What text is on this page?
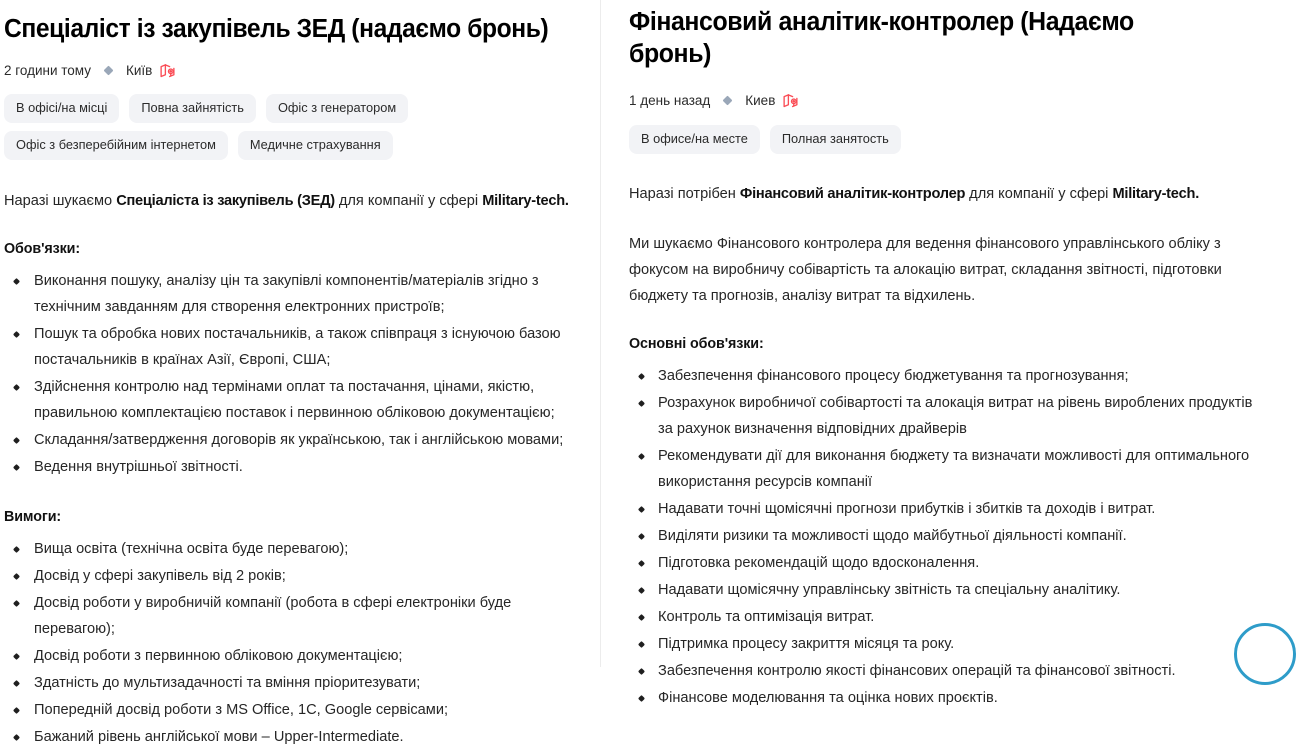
Спеціаліст із закупівель ЗЕД (надаємо бронь)
2 години тому	Київ
В офісі/на місці	Повна зайнятість	Офіс з генератором
Офіс з безперебійним інтернетом	Медичне страхування

Наразі шукаємо Спеціаліста із закупівель (ЗЕД) для компанії у сфері Military-tech.

Обов'язки:
Виконання пошуку, аналізу цін та закупівлі компонентів/матеріалів згідно з технічним завданням для створення електронних пристроїв;
Пошук та обробка нових постачальників, а також співпраця з існуючою базою постачальників в країнах Азії, Європі, США;
Здійснення контролю над термінами оплат та постачання, цінами, якістю, правильною комплектацією поставок і первинною обліковою документацією;
Складання/затвердження договорів як українською, так і англійською мовами;
Ведення внутрішньої звітності.
Вимоги:
Вища освіта (технічна освіта буде перевагою);
Досвід у сфері закупівель від 2 років;
Досвід роботи у виробничій компанії (робота в сфері електроніки буде перевагою);
Досвід роботи з первинною обліковою документацією;
Здатність до мультизадачності та вміння пріоритезувати;
Попередній досвід роботи з MS Office, 1C, Google сервісами;
Бажаний рівень англійської мови – Upper-Intermediate.
Фінансовий аналітик-контролер (Надаємо бронь)
1 день назад	Киев
В офисе/на месте	Полная занятость

Наразі потрібен Фінансовий аналітик-контролер для компанії у сфері Military-tech.

Ми шукаємо Фінансового контролера для ведення фінансового управлінського обліку з фокусом на виробничу собівартість та алокацію витрат, складання звітності, підготовки бюджету та прогнозів, аналізу витрат та відхилень.

Основні обов'язки:
Забезпечення фінансового процесу бюджетування та прогнозування;
Розрахунок виробничої собівартості та алокація витрат на рівень вироблених продуктів за рахунок визначення відповідних драйверів
Рекомендувати дії для виконання бюджету та визначати можливості для оптимального використання ресурсів компанії
Надавати точні щомісячні прогнози прибутків і збитків та доходів і витрат.
Виділяти ризики та можливості щодо майбутньої діяльності компанії.
Підготовка рекомендацій щодо вдосконалення.
Надавати щомісячну управлінську звітність та спеціальну аналітику.
Контроль та оптимізація витрат.
Підтримка процесу закриття місяця та року.
Забезпечення контролю якості фінансових операцій та фінансової звітності.
Фінансове моделювання та оцінка нових проєктів.
